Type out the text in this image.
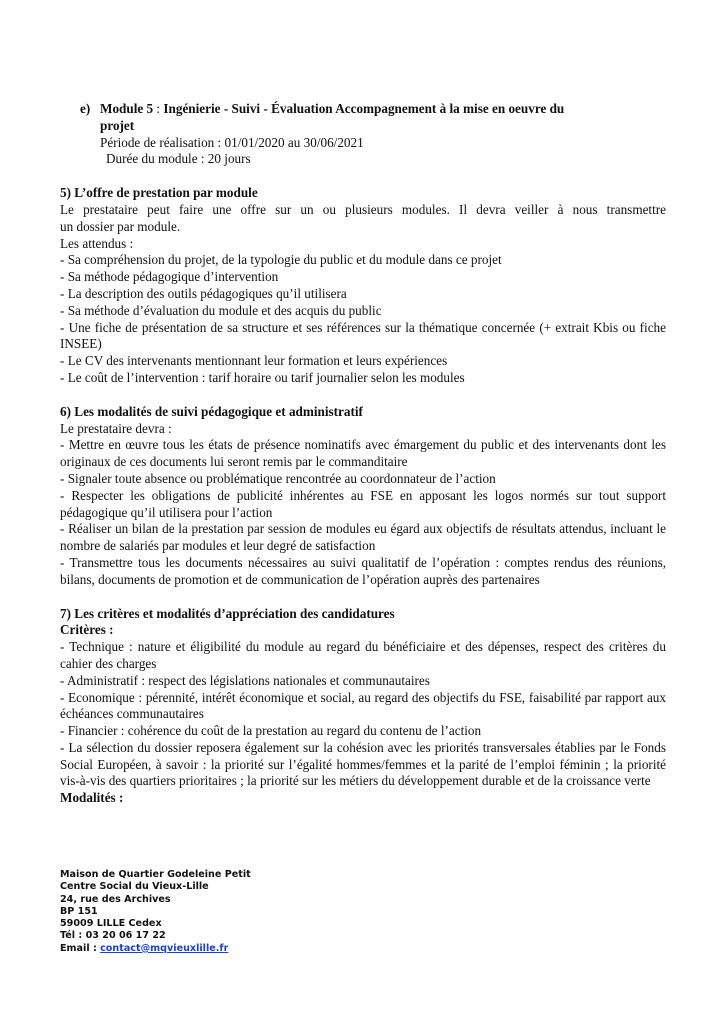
e) Module 5 : Ingénierie - Suivi - Évaluation Accompagnement à la mise en oeuvre du

projet

Période de réalisation : 01/01/2020 au 30/06/2021

Durée du module : 20 jours

5) L’offre de prestation par module

Le prestataire peut faire une offre sur un ou plusieurs modules. Il devra veiller à nous transmettre

un dossier par module.

Les attendus :

- Sa compréhension du projet, de la typologie du public et du module dans ce projet

- Sa méthode pédagogique d’intervention

- La description des outils pédagogiques qu’il utilisera

- Sa méthode d’évaluation du module et des acquis du public

- Une fiche de présentation de sa structure et ses références sur la thématique concernée (+ extrait Kbis ou fiche INSEE)

- Le CV des intervenants mentionnant leur formation et leurs expériences

- Le coût de l’intervention : tarif horaire ou tarif journalier selon les modules

6) Les modalités de suivi pédagogique et administratif

Le prestataire devra :

- Mettre en œuvre tous les états de présence nominatifs avec émargement du public et des intervenants dont les originaux de ces documents lui seront remis par le commanditaire

- Signaler toute absence ou problématique rencontrée au coordonnateur de l’action

- Respecter les obligations de publicité inhérentes au FSE en apposant les logos normés sur tout support pédagogique qu’il utilisera pour l’action

- Réaliser un bilan de la prestation par session de modules eu égard aux objectifs de résultats attendus, incluant le nombre de salariés par modules et leur degré de satisfaction

- Transmettre tous les documents nécessaires au suivi qualitatif de l’opération : comptes rendus des réunions, bilans, documents de promotion et de communication de l’opération auprès des partenaires

7) Les critères et modalités d’appréciation des candidatures

Critères :

- Technique : nature et éligibilité du module au regard du bénéficiaire et des dépenses, respect des critères du cahier des charges

- Administratif : respect des législations nationales et communautaires

- Economique : pérennité, intérêt économique et social, au regard des objectifs du FSE, faisabilité par rapport aux échéances communautaires

- Financier : cohérence du coût de la prestation au regard du contenu de l’action

- La sélection du dossier reposera également sur la cohésion avec les priorités transversales établies par le Fonds Social Européen, à savoir : la priorité sur l’égalité hommes/femmes et la parité de l’emploi féminin ; la priorité vis-à-vis des quartiers prioritaires ; la priorité sur les métiers du développement durable et de la croissance verte

Modalités :

Maison de Quartier Godeleine Petit

Centre Social du Vieux-Lille

24, rue des Archives

BP 151

59009 LILLE Cedex

Tél : 03 20 06 17 22

Email : contact@mqvieuxlille.fr
